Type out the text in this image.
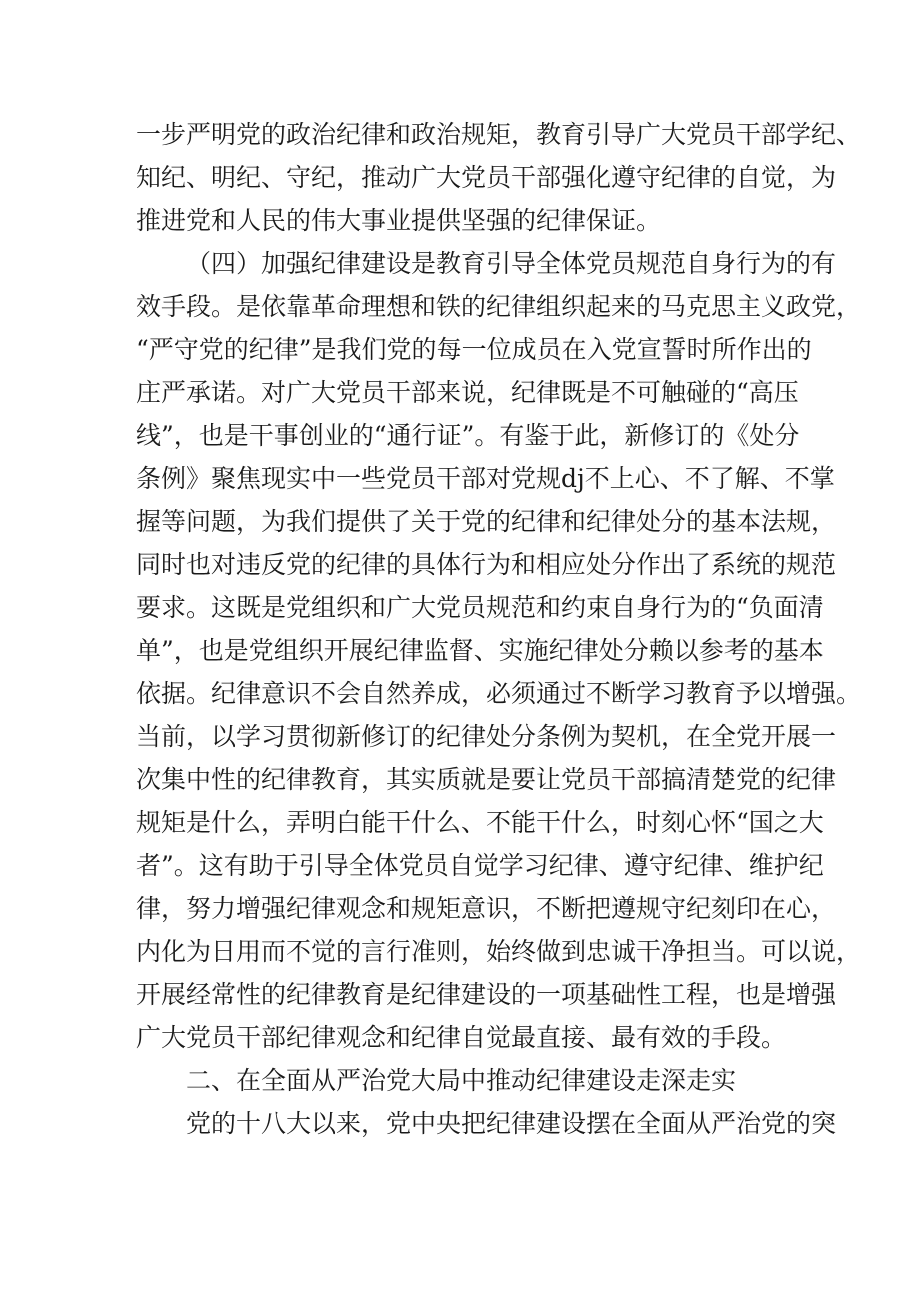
一步严明党的政治纪律和政治规矩，教育引导广大党员干部学纪、
知纪、明纪、守纪，推动广大党员干部强化遵守纪律的自觉，为
推进党和人民的伟大事业提供坚强的纪律保证。
（四）加强纪律建设是教育引导全体党员规范自身行为的有
效手段。是依靠革命理想和铁的纪律组织起来的马克思主义政党，
“严守党的纪律”是我们党的每一位成员在入党宣誓时所作出的
庄严承诺。对广大党员干部来说，纪律既是不可触碰的“高压
线”，也是干事创业的“通行证”。有鉴于此，新修订的《处分
条例》聚焦现实中一些党员干部对党规dj不上心、不了解、不掌
握等问题，为我们提供了关于党的纪律和纪律处分的基本法规，
同时也对违反党的纪律的具体行为和相应处分作出了系统的规范
要求。这既是党组织和广大党员规范和约束自身行为的“负面清
单”，也是党组织开展纪律监督、实施纪律处分赖以参考的基本
依据。纪律意识不会自然养成，必须通过不断学习教育予以增强。
当前，以学习贯彻新修订的纪律处分条例为契机，在全党开展一
次集中性的纪律教育，其实质就是要让党员干部搞清楚党的纪律
规矩是什么，弄明白能干什么、不能干什么，时刻心怀“国之大
者”。这有助于引导全体党员自觉学习纪律、遵守纪律、维护纪
律，努力增强纪律观念和规矩意识，不断把遵规守纪刻印在心，
内化为日用而不觉的言行准则，始终做到忠诚干净担当。可以说，
开展经常性的纪律教育是纪律建设的一项基础性工程，也是增强
广大党员干部纪律观念和纪律自觉最直接、最有效的手段。
二、在全面从严治党大局中推动纪律建设走深走实
党的十八大以来，党中央把纪律建设摆在全面从严治党的突
